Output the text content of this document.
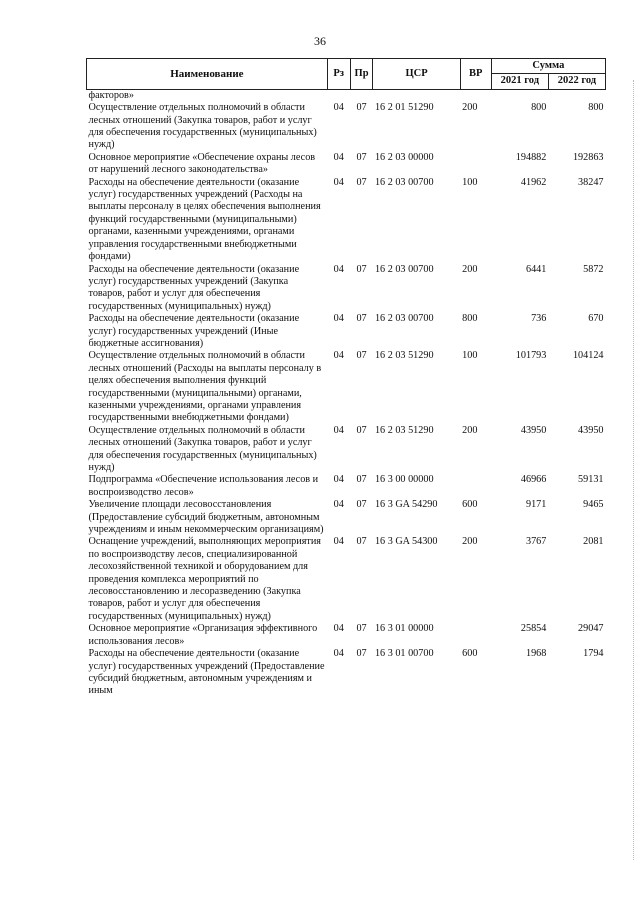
36
Наименование	Рз	Пр	ЦСР	ВР	Сумма	
					2021 год	2022 год
факторов»						
Осуществление отдельных полномочий в области лесных отношений (Закупка товаров, работ и услуг для обеспечения государственных (муниципальных) нужд)	04	07	16 2 01 51290	200	800	800
Основное мероприятие «Обеспечение охраны лесов от нарушений лесного законодательства»	04	07	16 2 03 00000		194882	192863
Расходы на обеспечение деятельности (оказание услуг) государственных учреждений (Расходы на выплаты персоналу в целях обеспечения выполнения функций государственными (муниципальными) органами, казенными учреждениями, органами управления государственными внебюджетными фондами)	04	07	16 2 03 00700	100	41962	38247
Расходы на обеспечение деятельности (оказание услуг) государственных учреждений (Закупка товаров, работ и услуг для обеспечения государственных (муниципальных) нужд)	04	07	16 2 03 00700	200	6441	5872
Расходы на обеспечение деятельности (оказание услуг) государственных учреждений (Иные бюджетные ассигнования)	04	07	16 2 03 00700	800	736	670
Осуществление отдельных полномочий в области лесных отношений (Расходы на выплаты персоналу в целях обеспечения выполнения функций государственными (муниципальными) органами, казенными учреждениями, органами управления государственными внебюджетными фондами)	04	07	16 2 03 51290	100	101793	104124
Осуществление отдельных полномочий в области лесных отношений (Закупка товаров, работ и услуг для обеспечения государственных (муниципальных) нужд)	04	07	16 2 03 51290	200	43950	43950
Подпрограмма «Обеспечение использования лесов и воспроизводство лесов»	04	07	16 3 00 00000		46966	59131
Увеличение площади лесовосстановления (Предоставление субсидий бюджетным, автономным учреждениям и иным некоммерческим организациям)	04	07	16 3 GA 54290	600	9171	9465
Оснащение учреждений, выполняющих мероприятия по воспроизводству лесов, специализированной лесохозяйственной техникой и оборудованием для проведения комплекса мероприятий по лесовосстановлению и лесоразведению (Закупка товаров, работ и услуг для обеспечения государственных (муниципальных) нужд)	04	07	16 3 GA 54300	200	3767	2081
Основное мероприятие «Организация эффективного использования лесов»	04	07	16 3 01 00000		25854	29047
Расходы на обеспечение деятельности (оказание услуг) государственных учреждений (Предоставление субсидий бюджетным, автономным учреждениям и иным	04	07	16 3 01 00700	600	1968	1794
